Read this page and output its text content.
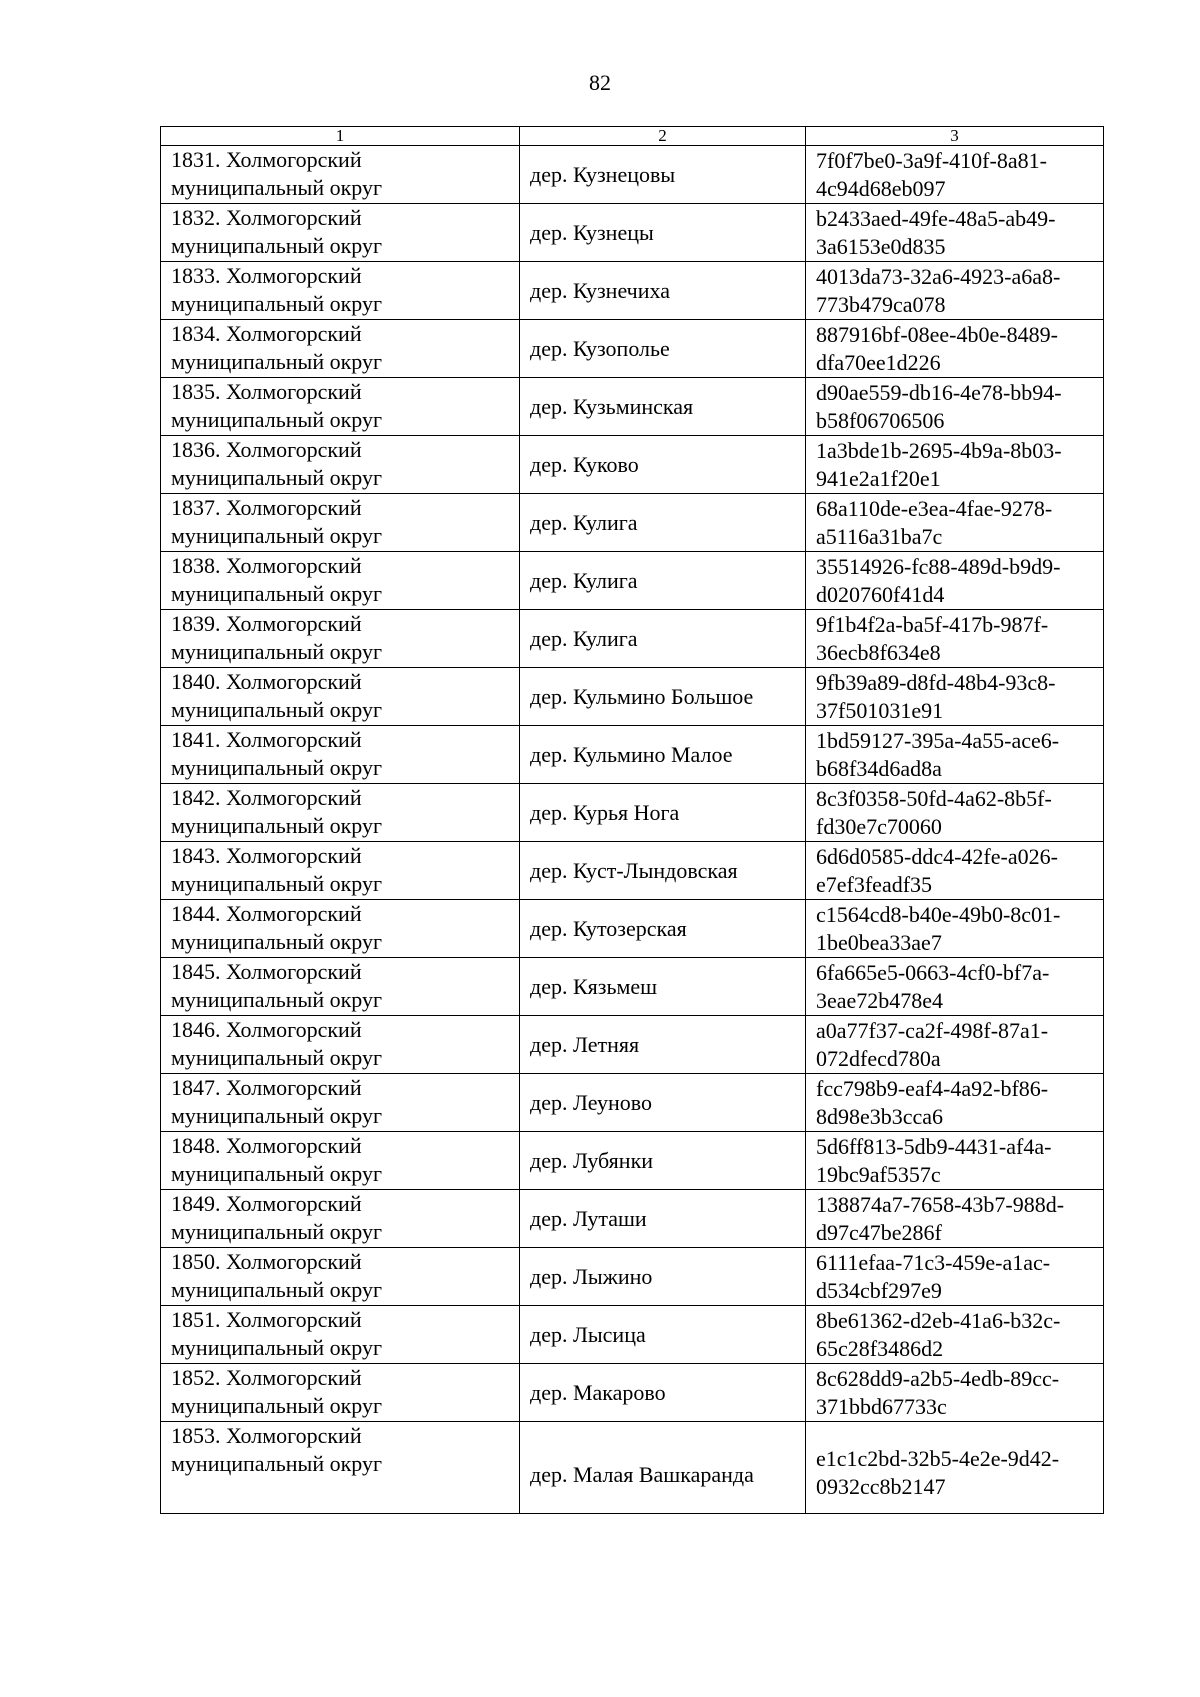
82
1	2	3

1831. Холмогорский
муниципальный округ	дер. Кузнецовы	7f0f7be0-3a9f-410f-8a81-
4c94d68eb097

1832. Холмогорский
муниципальный округ	дер. Кузнецы	b2433aed-49fe-48a5-ab49-
3a6153e0d835

1833. Холмогорский
муниципальный округ	дер. Кузнечиха	4013da73-32a6-4923-a6a8-
773b479ca078

1834. Холмогорский
муниципальный округ	дер. Кузополье	887916bf-08ee-4b0e-8489-
dfa70ee1d226

1835. Холмогорский
муниципальный округ	дер. Кузьминская	d90ae559-db16-4e78-bb94-
b58f06706506

1836. Холмогорский
муниципальный округ	дер. Куково	1a3bde1b-2695-4b9a-8b03-
941e2a1f20e1

1837. Холмогорский
муниципальный округ	дер. Кулига	68a110de-e3ea-4fae-9278-
a5116a31ba7c

1838. Холмогорский
муниципальный округ	дер. Кулига	35514926-fc88-489d-b9d9-
d020760f41d4

1839. Холмогорский
муниципальный округ	дер. Кулига	9f1b4f2a-ba5f-417b-987f-
36ecb8f634e8

1840. Холмогорский
муниципальный округ	дер. Кульмино Большое	9fb39a89-d8fd-48b4-93c8-
37f501031e91

1841. Холмогорский
муниципальный округ	дер. Кульмино Малое	1bd59127-395a-4a55-ace6-
b68f34d6ad8a

1842. Холмогорский
муниципальный округ	дер. Курья Нога	8c3f0358-50fd-4a62-8b5f-
fd30e7c70060

1843. Холмогорский
муниципальный округ	дер. Куст-Лындовская	6d6d0585-ddc4-42fe-a026-
e7ef3feadf35

1844. Холмогорский
муниципальный округ	дер. Кутозерская	c1564cd8-b40e-49b0-8c01-
1be0bea33ae7

1845. Холмогорский
муниципальный округ	дер. Кязьмеш	6fa665e5-0663-4cf0-bf7a-
3eae72b478e4

1846. Холмогорский
муниципальный округ	дер. Летняя	a0a77f37-ca2f-498f-87a1-
072dfecd780a

1847. Холмогорский
муниципальный округ	дер. Леуново	fcc798b9-eaf4-4a92-bf86-
8d98e3b3cca6

1848. Холмогорский
муниципальный округ	дер. Лубянки	5d6ff813-5db9-4431-af4a-
19bc9af5357c

1849. Холмогорский
муниципальный округ	дер. Луташи	138874a7-7658-43b7-988d-
d97c47be286f

1850. Холмогорский
муниципальный округ	дер. Лыжино	6111efaa-71c3-459e-a1ac-
d534cbf297e9

1851. Холмогорский
муниципальный округ	дер. Лысица	8be61362-d2eb-41a6-b32c-
65c28f3486d2

1852. Холмогорский
муниципальный округ	дер. Макарово	8c628dd9-a2b5-4edb-89cc-
371bbd67733c

1853. Холмогорский
муниципальный округ	дер. Малая Вашкаранда	e1c1c2bd-32b5-4e2e-9d42-
0932cc8b2147
